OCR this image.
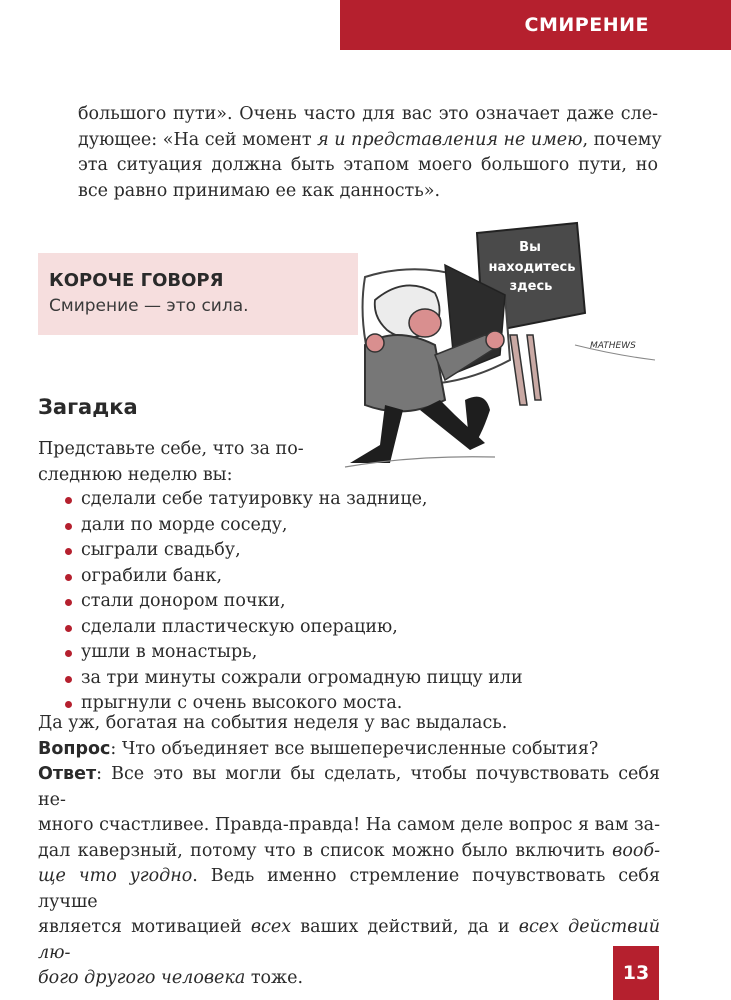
СМИРЕНИЕ
большого пути». Очень часто для вас это означает даже сле-
дующее: «На сей момент я и представления не имею, почему
эта ситуация должна быть этапом моего большого пути, но
все равно принимаю ее как данность».
КОРОЧЕ ГОВОРЯ
Смирение — это сила.
Вы
находитесь
здесь
MATHEWS
Загадка
Представьте себе, что за по-
следнюю неделю вы:
сделали себе татуировку на заднице,
дали по морде соседу,
сыграли свадьбу,
ограбили банк,
стали донором почки,
сделали пластическую операцию,
ушли в монастырь,
за три минуты сожрали огромадную пиццу или
прыгнули с очень высокого моста.
Да уж, богатая на события неделя у вас выдалась.
Вопрос: Что объединяет все вышеперечисленные события?
Ответ: Все это вы могли бы сделать, чтобы почувствовать себя не-
много счастливее. Правда-правда! На самом деле вопрос я вам за-
дал каверзный, потому что в список можно было включить вооб-
ще что угодно. Ведь именно стремление почувствовать себя лучше
является мотивацией всех ваших действий, да и всех действий лю-
бого другого человека тоже.	13
